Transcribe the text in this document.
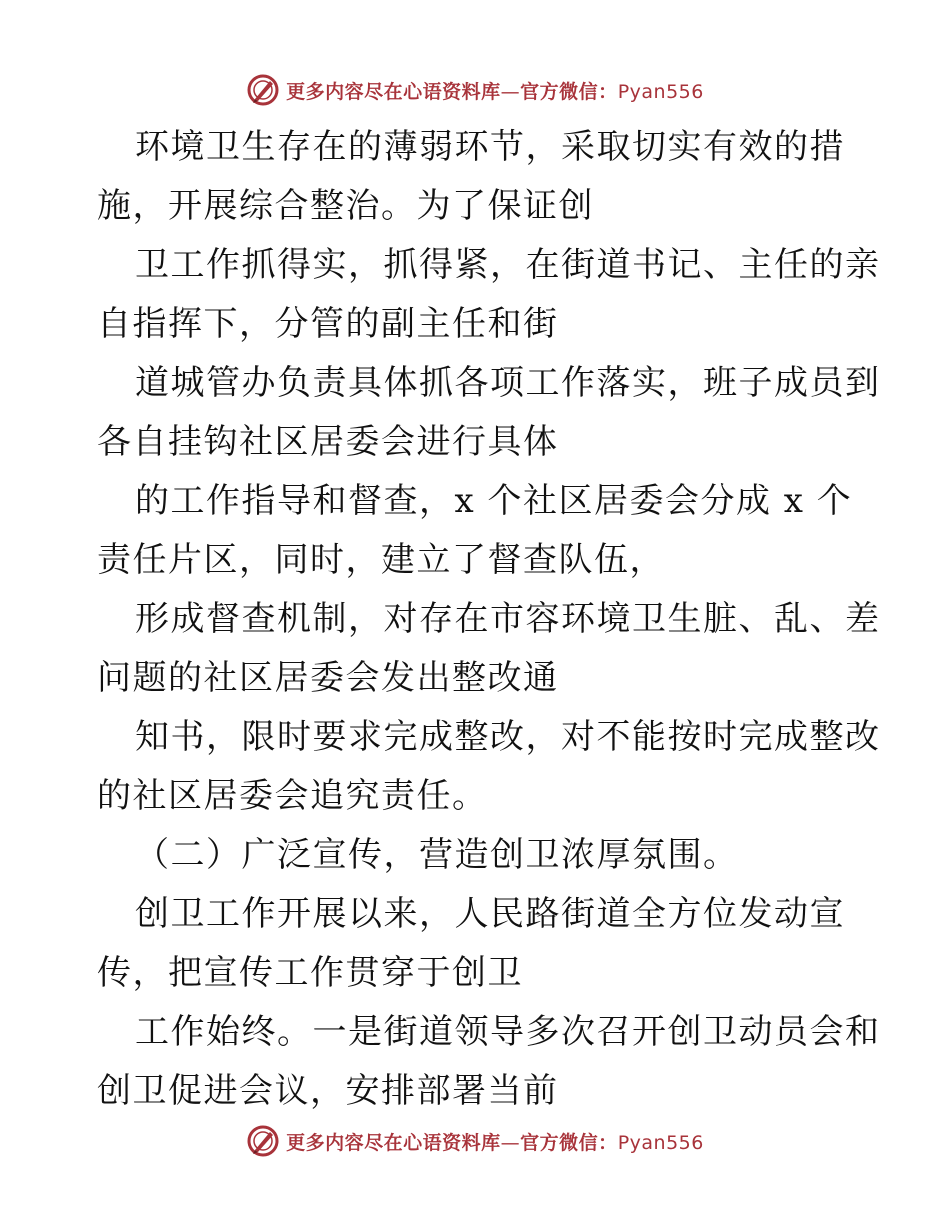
更多内容尽在心语资料库—官方微信：Pyan556
环境卫生存在的薄弱环节，采取切实有效的措
施，开展综合整治。为了保证创
卫工作抓得实，抓得紧，在街道书记、主任的亲
自指挥下，分管的副主任和街
道城管办负责具体抓各项工作落实，班子成员到
各自挂钩社区居委会进行具体
的工作指导和督查，x 个社区居委会分成 x 个
责任片区，同时，建立了督查队伍，
形成督查机制，对存在市容环境卫生脏、乱、差
问题的社区居委会发出整改通
知书，限时要求完成整改，对不能按时完成整改
的社区居委会追究责任。
（二）广泛宣传，营造创卫浓厚氛围。
创卫工作开展以来，人民路街道全方位发动宣
传，把宣传工作贯穿于创卫
工作始终。一是街道领导多次召开创卫动员会和
创卫促进会议，安排部署当前
更多内容尽在心语资料库—官方微信：Pyan556
